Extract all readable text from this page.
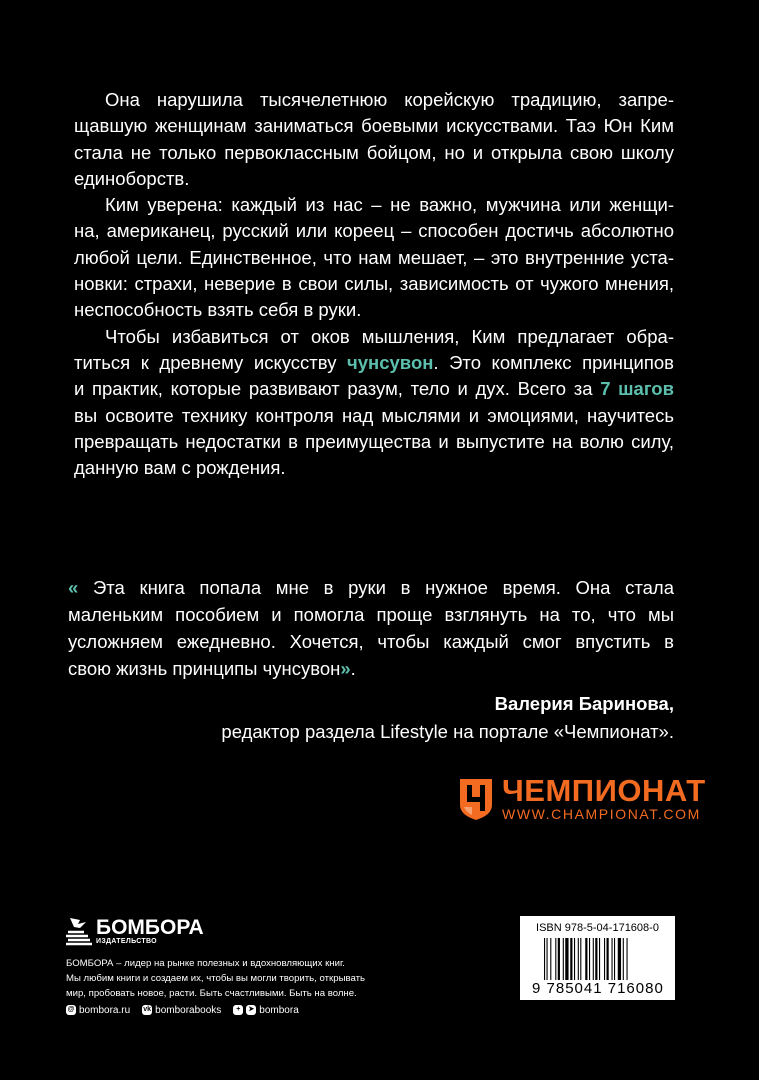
Она нарушила тысячелетнюю корейскую традицию, запре-
щавшую женщинам заниматься боевыми искусствами. Таэ Юн Ким
стала не только первоклассным бойцом, но и открыла свою школу
единоборств.
Ким уверена: каждый из нас – не важно, мужчина или женщи-
на, американец, русский или кореец – способен достичь абсолютно
любой цели. Единственное, что нам мешает, – это внутренние уста-
новки: страхи, неверие в свои силы, зависимость от чужого мнения,
неспособность взять себя в руки.
Чтобы избавиться от оков мышления, Ким предлагает обра-
титься к древнему искусству чунсувон. Это комплекс принципов
и практик, которые развивают разум, тело и дух. Всего за 7 шагов
вы освоите технику контроля над мыслями и эмоциями, научитесь
превращать недостатки в преимущества и выпустите на волю силу,
данную вам с рождения.
« Эта книга попала мне в руки в нужное время. Она стала
маленьким пособием и помогла проще взглянуть на то, что мы
усложняем ежедневно. Хочется, чтобы каждый смог впустить в
свою жизнь принципы чунсувон».
Валерия Баринова,
редактор раздела Lifestyle на портале «Чемпионат».
ЧЕМПИОНАТ
WWW.CHAMPIONAT.COM
БОМБОРА
ИЗДАТЕЛЬСТВО
БОМБОРА – лидер на рынке полезных и вдохновляющих книг.
Мы любим книги и создаем их, чтобы вы могли творить, открывать
мир, пробовать новое, расти. Быть счастливыми. Быть на волне.
@ bombora.ru vk bomborabooks	+ ➤ bombora
ISBN 978-5-04-171608-0
9 785041 716080 >
